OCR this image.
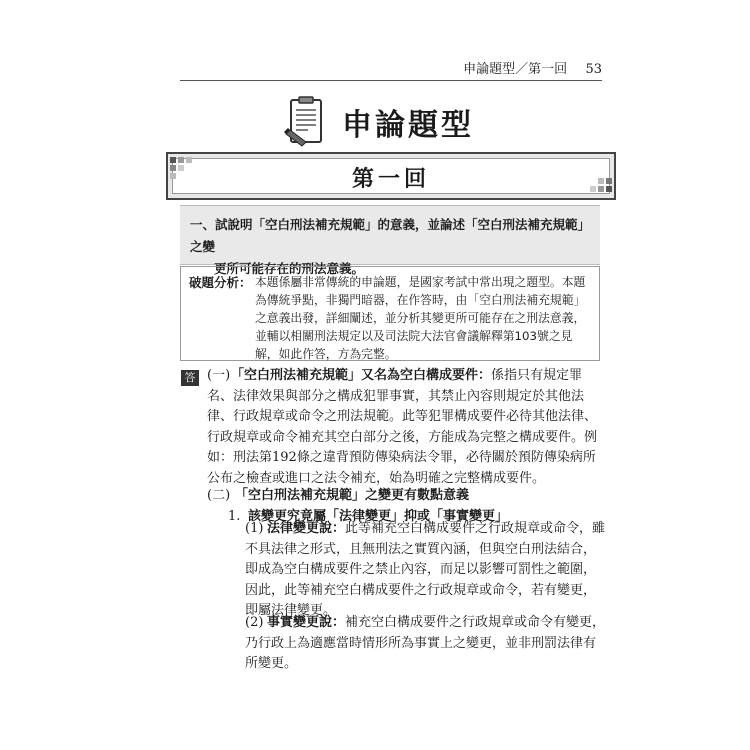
申論題型／第一回 53
申論題型
第一回
一、試說明「空白刑法補充規範」的意義，並論述「空白刑法補充規範」之變
更所可能存在的刑法意義。
破題分析： 本題係屬非常傳統的申論題，是國家考試中常出現之題型。本題為傳統爭點，非獨門暗器，在作答時，由「空白刑法補充規範」之意義出發，詳細闡述，並分析其變更所可能存在之刑法意義，並輔以相關刑法規定以及司法院大法官會議解釋第103號之見解，如此作答，方為完整。
答 (一)「空白刑法補充規範」又名為空白構成要件：係指只有規定罪名、法律效果與部分之構成犯罪事實，其禁止內容則規定於其他法律、行政規章或命令之刑法規範。此等犯罪構成要件必待其他法律、行政規章或命令補充其空白部分之後，方能成為完整之構成要件。例如：刑法第192條之違背預防傳染病法令罪，必待關於預防傳染病所公布之檢查或進口之法令補充，始為明確之完整構成要件。
(二) 「空白刑法補充規範」之變更有數點意義
1. 該變更究竟屬「法律變更」抑或「事實變更」
(1) 法律變更說：此等補充空白構成要件之行政規章或命令，雖不具法律之形式，且無刑法之實質內涵，但與空白刑法結合，即成為空白構成要件之禁止內容，而足以影響可罰性之範圍，因此，此等補充空白構成要件之行政規章或命令，若有變更，即屬法律變更。
(2) 事實變更說：補充空白構成要件之行政規章或命令有變更，乃行政上為適應當時情形所為事實上之變更，並非刑罰法律有所變更。
